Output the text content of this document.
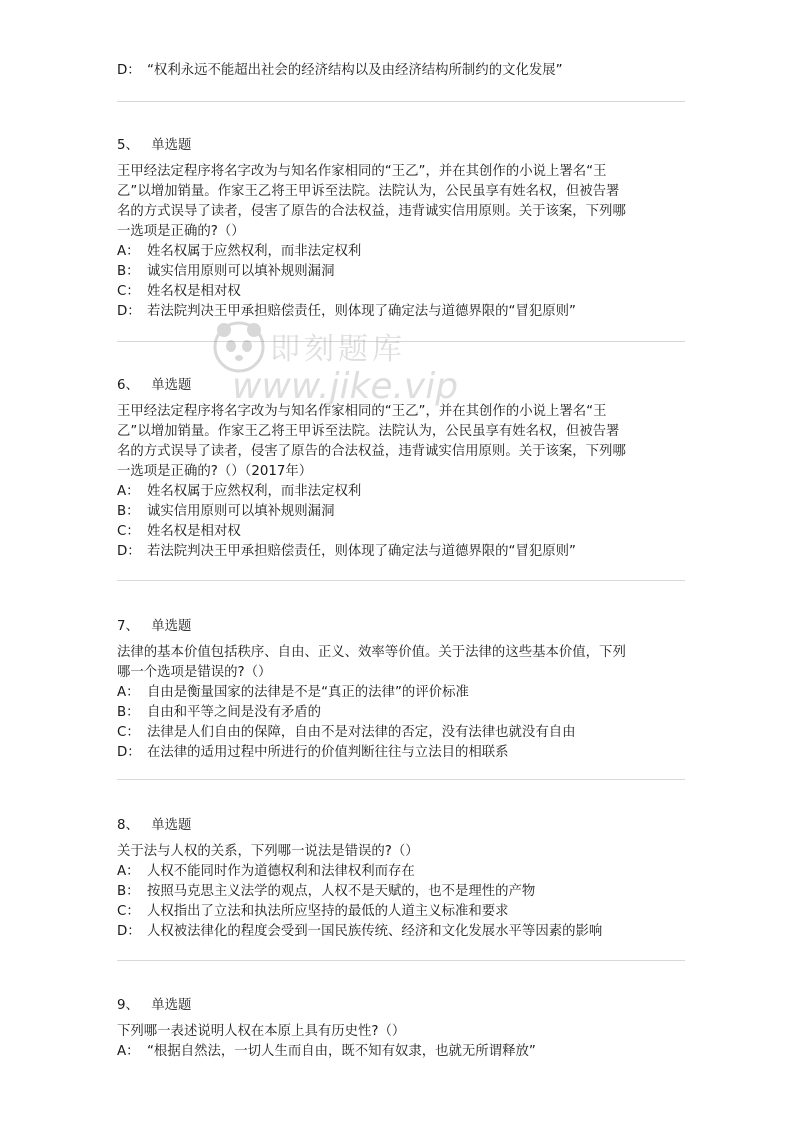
D： “权利永远不能超出社会的经济结构以及由经济结构所制约的文化发展”
5、 单选题
王甲经法定程序将名字改为与知名作家相同的“王乙”，并在其创作的小说上署名“王
乙”以增加销量。作家王乙将王甲诉至法院。法院认为，公民虽享有姓名权，但被告署
名的方式误导了读者，侵害了原告的合法权益，违背诚实信用原则。关于该案，下列哪
一选项是正确的?（）
A： 姓名权属于应然权利，而非法定权利
B： 诚实信用原则可以填补规则漏洞
C： 姓名权是相对权
D： 若法院判决王甲承担赔偿责任，则体现了确定法与道德界限的“冒犯原则”
6、 单选题
王甲经法定程序将名字改为与知名作家相同的“王乙”，并在其创作的小说上署名“王
乙”以增加销量。作家王乙将王甲诉至法院。法院认为，公民虽享有姓名权，但被告署
名的方式误导了读者，侵害了原告的合法权益，违背诚实信用原则。关于该案，下列哪
一选项是正确的?（）（2017年）
A： 姓名权属于应然权利，而非法定权利
B： 诚实信用原则可以填补规则漏洞
C： 姓名权是相对权
D： 若法院判决王甲承担赔偿责任，则体现了确定法与道德界限的“冒犯原则”
7、 单选题
法律的基本价值包括秩序、自由、正义、效率等价值。关于法律的这些基本价值，下列
哪一个选项是错误的?（）
A： 自由是衡量国家的法律是不是“真正的法律”的评价标准
B： 自由和平等之间是没有矛盾的
C： 法律是人们自由的保障，自由不是对法律的否定，没有法律也就没有自由
D： 在法律的适用过程中所进行的价值判断往往与立法目的相联系
8、 单选题
关于法与人权的关系，下列哪一说法是错误的?（）
A： 人权不能同时作为道德权利和法律权利而存在
B： 按照马克思主义法学的观点，人权不是天赋的，也不是理性的产物
C： 人权指出了立法和执法所应坚持的最低的人道主义标准和要求
D： 人权被法律化的程度会受到一国民族传统、经济和文化发展水平等因素的影响
9、 单选题
下列哪一表述说明人权在本原上具有历史性?（）
A： “根据自然法，一切人生而自由，既不知有奴隶，也就无所谓释放”
即刻题库
www.jike.vip
